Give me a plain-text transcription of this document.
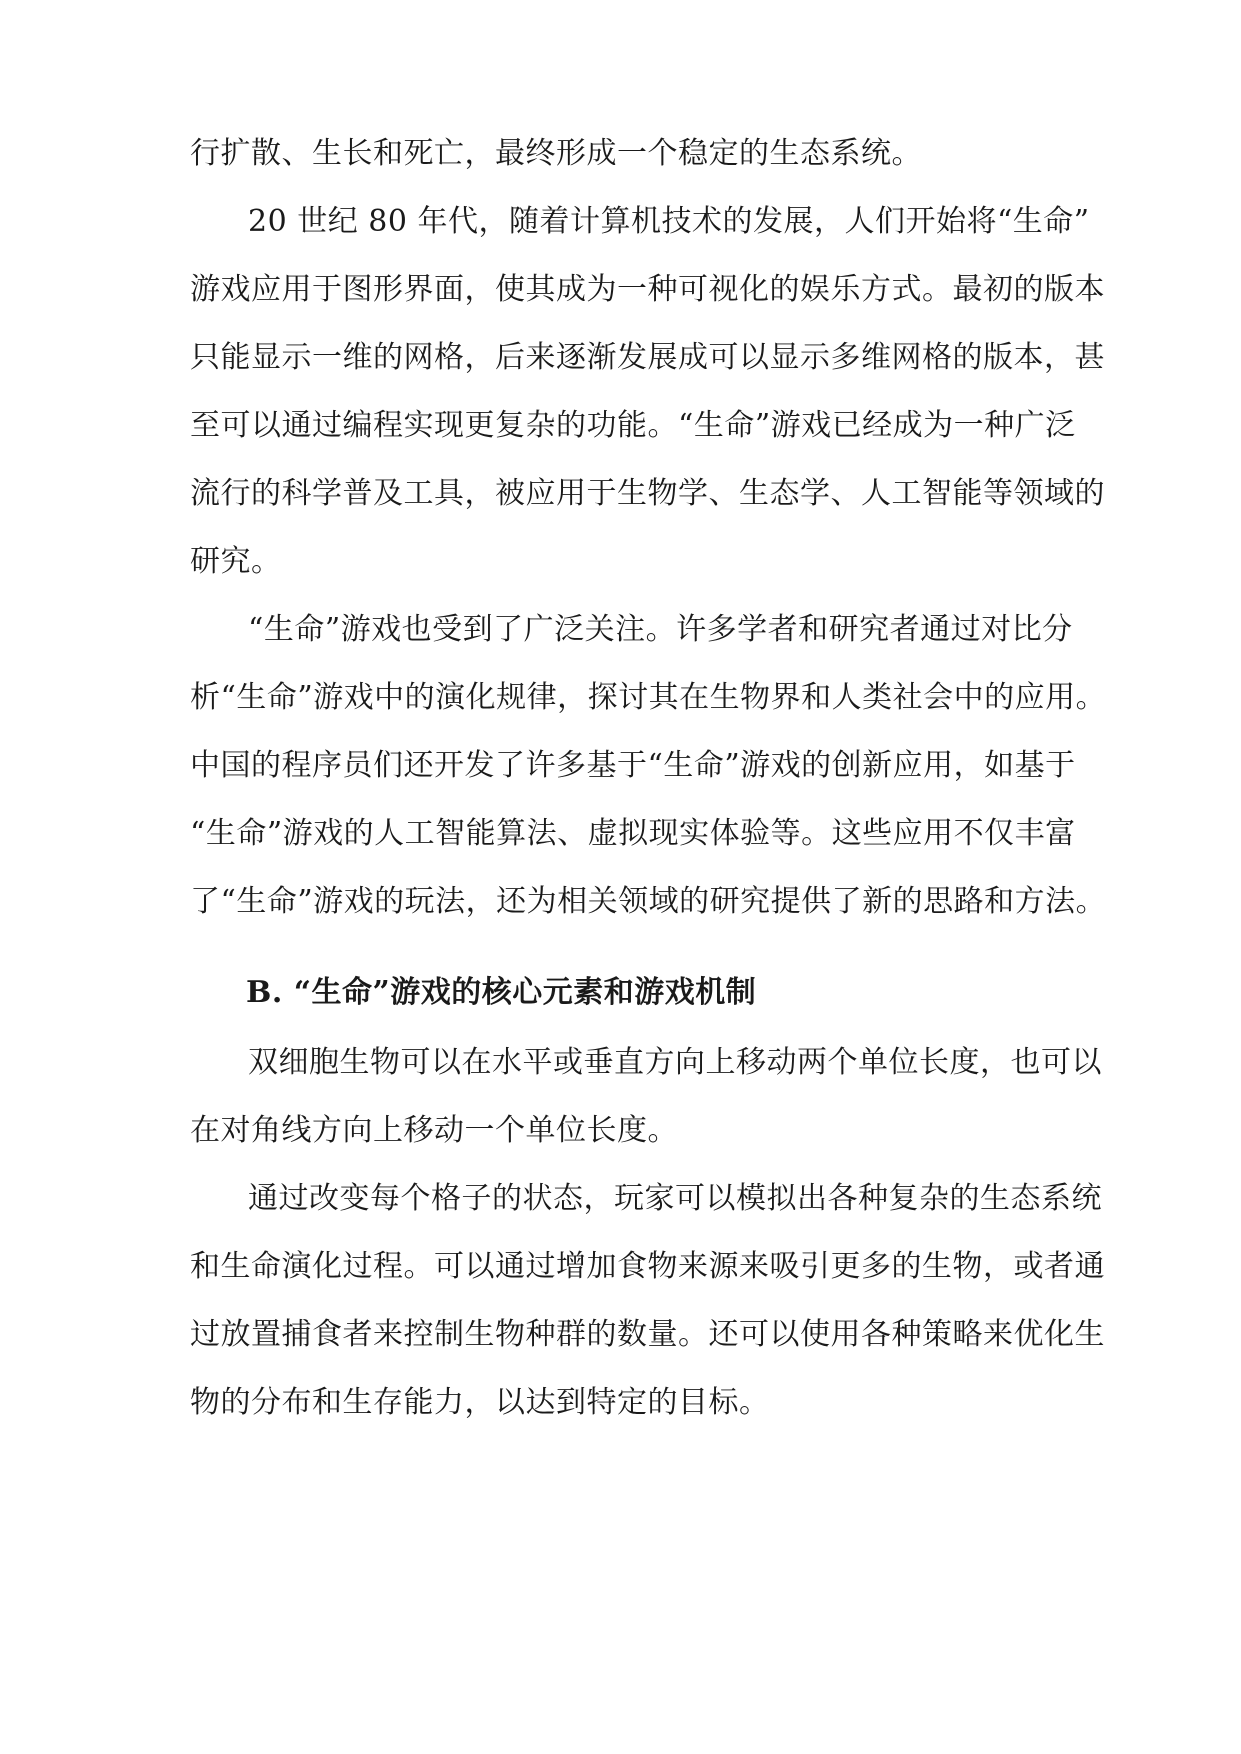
行扩散、生长和死亡，最终形成一个稳定的生态系统。
20 世纪 80 年代，随着计算机技术的发展，人们开始将“生命”
游戏应用于图形界面，使其成为一种可视化的娱乐方式。最初的版本
只能显示一维的网格，后来逐渐发展成可以显示多维网格的版本，甚
至可以通过编程实现更复杂的功能。“生命”游戏已经成为一种广泛
流行的科学普及工具，被应用于生物学、生态学、人工智能等领域的
研究。
“生命”游戏也受到了广泛关注。许多学者和研究者通过对比分
析“生命”游戏中的演化规律，探讨其在生物界和人类社会中的应用。
中国的程序员们还开发了许多基于“生命”游戏的创新应用，如基于
“生命”游戏的人工智能算法、虚拟现实体验等。这些应用不仅丰富
了“生命”游戏的玩法，还为相关领域的研究提供了新的思路和方法。
B. “生命”游戏的核心元素和游戏机制
双细胞生物可以在水平或垂直方向上移动两个单位长度，也可以
在对角线方向上移动一个单位长度。
通过改变每个格子的状态，玩家可以模拟出各种复杂的生态系统
和生命演化过程。可以通过增加食物来源来吸引更多的生物，或者通
过放置捕食者来控制生物种群的数量。还可以使用各种策略来优化生
物的分布和生存能力，以达到特定的目标。
